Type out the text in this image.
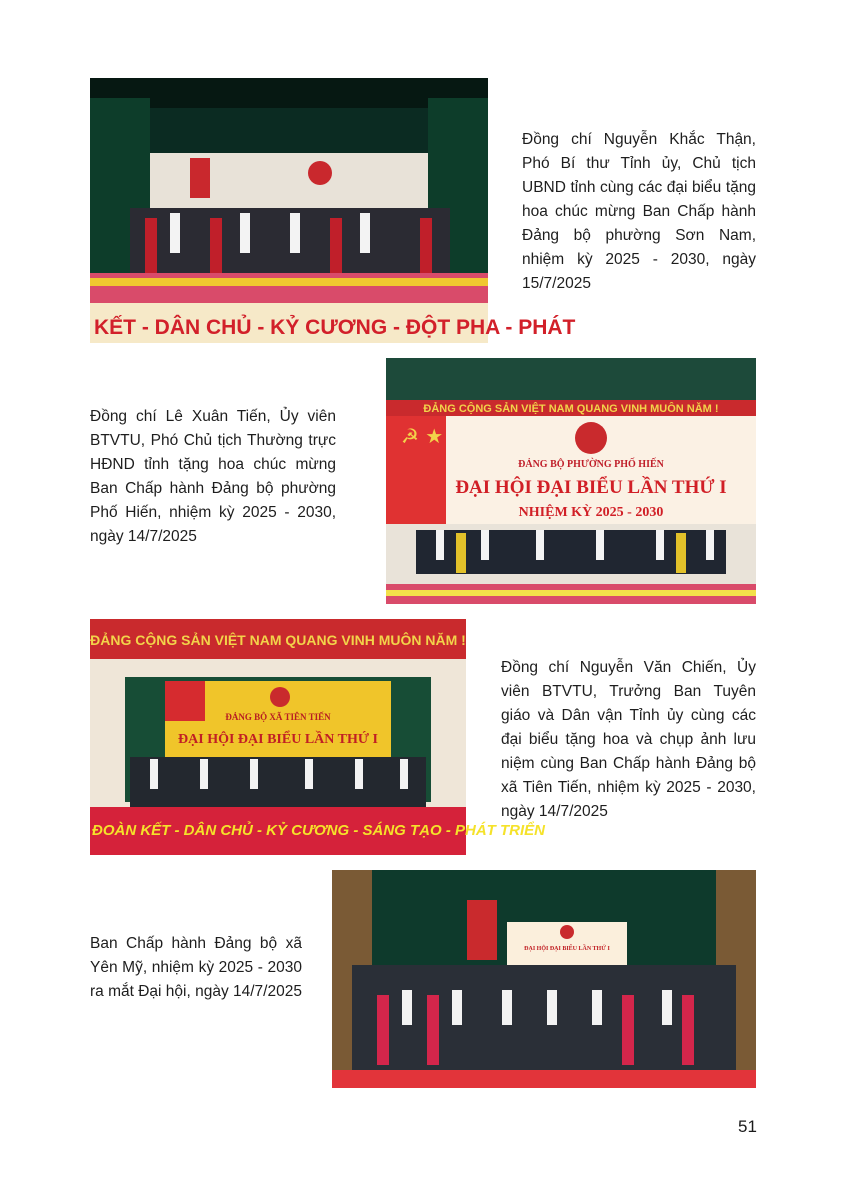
KẾT - DÂN CHỦ - KỶ CƯƠNG - ĐỘT PHA - PHÁT
Đồng chí Nguyễn Khắc Thận, Phó Bí thư Tỉnh ủy, Chủ tịch UBND tỉnh cùng các đại biểu tặng hoa chúc mừng Ban Chấp hành Đảng bộ phường Sơn Nam, nhiệm kỳ 2025 - 2030, ngày 15/7/2025
ĐẢNG CỘNG SẢN VIỆT NAM QUANG VINH MUÔN NĂM !
☭ ★
ĐẢNG BỘ PHƯỜNG PHỐ HIẾN
ĐẠI HỘI ĐẠI BIỂU LẦN THỨ I
NHIỆM KỲ 2025 - 2030
Đồng chí Lê Xuân Tiến, Ủy viên BTVTU, Phó Chủ tịch Thường trực HĐND tỉnh tặng hoa chúc mừng Ban Chấp hành Đảng bộ phường Phố Hiến, nhiệm kỳ 2025 - 2030, ngày 14/7/2025
ĐẢNG CỘNG SẢN VIỆT NAM QUANG VINH MUÔN NĂM !
ĐẢNG BỘ XÃ TIÊN TIẾN
ĐẠI HỘI ĐẠI BIỂU LẦN THỨ I
ĐOÀN KẾT - DÂN CHỦ - KỶ CƯƠNG - SÁNG TẠO - PHÁT TRIỂN
Đồng chí Nguyễn Văn Chiến, Ủy viên BTVTU, Trưởng Ban Tuyên giáo và Dân vận Tỉnh ủy cùng các đại biểu tặng hoa và chụp ảnh lưu niệm cùng Ban Chấp hành Đảng bộ xã Tiên Tiến, nhiệm kỳ 2025 - 2030, ngày 14/7/2025
ĐẠI HỘI ĐẠI BIỂU LẦN THỨ I
Ban Chấp hành Đảng bộ xã Yên Mỹ, nhiệm kỳ 2025 - 2030 ra mắt Đại hội, ngày 14/7/2025
51
